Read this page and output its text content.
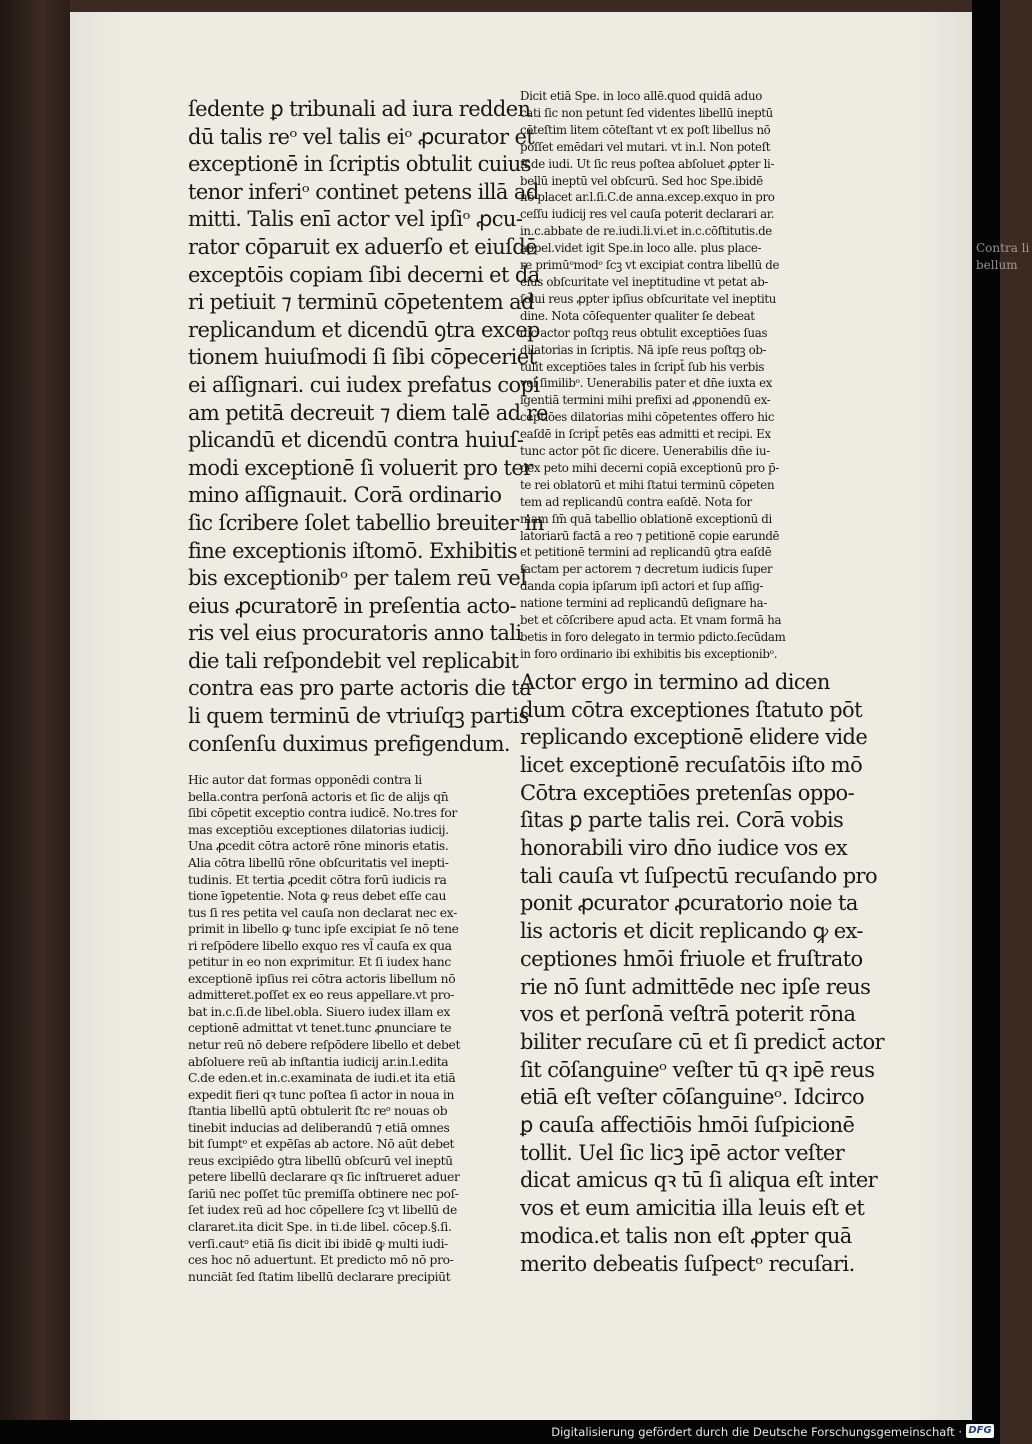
Contra li
bellum
ſedente ꝑ tribunali ad iura redden
dū talis reᵒ vel talis eiᵒ ꝓcurator et
exceptionē in ſcriptis obtulit cuius
tenor inferiᵒ continet petens illā ad
mitti. Talis enī actor vel ipſiᵒ ꝓcu-
rator cōparuit ex aduerſo et eiuſdē
exceptōis copiam ſibi decerni et da
ri petiuit ⁊ terminū cōpetentem ad
replicandum et dicendū ꝯtra excep
tionem huiuſmodi ſi ſibi cōpeceriet
ei aſſignari. cui iudex prefatus copi
am petitā decreuit ⁊ diem talē ad re
plicandū et dicendū contra huiuſ-
modi exceptionē ſi voluerit pro ter
mino aſſignauit. Corā ordinario
ſic ſcribere ſolet tabellio breuiter in
fine exceptionis iſtomō. Exhibitis
bis exceptionibᵒ per talem reū vel
eius ꝓcuratorē in preſentia acto-
ris vel eius procuratoris anno tali
die tali reſpondebit vel replicabit
contra eas pro parte actoris die ta
li quem terminū de vtriuſqꝫ partis
conſenſu duximus prefigendum.
Hic autor dat formas opponēdi contra li
bella.contra perſonā actoris et ſic de alijs qn̄
ſibi cōpetit exceptio contra iudicē. No.tres for
mas exceptiōu exceptiones dilatorias iudicij.
Una ꝓcedit cōtra actorē rōne minoris etatis.
Alia cōtra libellū rōne obſcuritatis vel inepti-
tudinis. Et tertia ꝓcedit cōtra forū iudicis ra
tione īꝯpetentie. Nota ꝙ reus debet eſſe cau
tus ſi res petita vel cauſa non declarat nec ex-
primit in libello ꝙ tunc ipſe excipiat ſe nō tene
ri reſpōdere libello exquo res vl̄ cauſa ex qua
petitur in eo non exprimitur. Et ſi iudex hanc
exceptionē ipſius rei cōtra actoris libellum nō
admitteret.poſſet ex eo reus appellare.vt pro-
bat in.c.ſi.de libel.obla. Siuero iudex illam ex
ceptionē admittat vt tenet.tunc ꝓnunciare te
netur reū nō debere reſpōdere libello et debet
abſoluere reū ab inſtantia iudicij ar.in.l.edita
C.de eden.et in.c.examinata de iudi.et ita etiā
expedit fieri qꝛ tunc poſtea ſi actor in noua in
ſtantia libellū aptū obtulerit ſtc reᵒ nouas ob
tinebit inducias ad deliberandū ⁊ etiā omnes
bit ſumptᵒ et expēſas ab actore. Nō aūt debet
reus excipiēdo ꝯtra libellū obſcurū vel ineptū
petere libellū declarare qꝛ ſic inſtrueret aduer
ſariū nec poſſet tūc premiſſa obtinere nec poſ-
ſet iudex reū ad hoc cōpellere ſcꝫ vt libellū de
clararet.ita dicit Spe. in ti.de libel. cōcep.§.ſi.
verſi.cautᵒ etiā ſis dicit ibi ibidē ꝙ multi iudi-
ces hoc nō aduertunt. Et predicto mō nō pro-
nunciāt ſed ſtatim libellū declarare precipiūt
Dicit etiā Spe. in loco allē.quod quidā aduo
cati ſic non petunt ſed videntes libellū ineptū
cōteſtim litem cōteſtant vt ex poſt libellus nō
poſſet emēdari vel mutari. vt in.l. Non poteſt
ff.de iudi. Ut ſic reus poſtea abſoluet ꝓpter li-
bellū ineptū vel obſcurū. Sed hoc Spe.ibidē
nō placet ar.l.ſi.C.de anna.excep.exquo in pro
ceſſu iudicij res vel cauſa poterit declarari ar.
in.c.abbate de re.iudi.li.vi.et in.c.cōſtitutis.de
appel.videt igit Spe.in loco alle. plus place-
re primūᵒmodᵒ ſcꝫ vt excipiat contra libellū de
eius obſcuritate vel ineptitudine vt petat ab-
ſolui reus ꝓpter ipſius obſcuritate vel ineptitu
dine. Nota cōſequenter qualiter ſe debeat
dic actor poſtqꝫ reus obtulit exceptiōes ſuas
dilatorias in ſcriptis. Nā ipſe reus poſtqꝫ ob-
tulit exceptiōes tales in ſcript̄ ſub his verbis
vel ſimilibᵒ. Uenerabilis pater et dn̄e iuxta ex
igentiā termini mihi prefixi ad ꝓponendū ex-
ceptiōes dilatorias mihi cōpetentes offero hic
eaſdē in ſcript̄ petēs eas admitti et recipi. Ex
tunc actor pōt ſic dicere. Uenerabilis dn̄e iu-
dex peto mihi decerni copiā exceptionū pro p̄-
te rei oblatorū et mihi ſtatui terminū cōpeten
tem ad replicandū contra eaſdē. Nota for
mam ſm̄ quā tabellio oblationē exceptionū di
latoriarū factā a reo ⁊ petitionē copie earundē
et petitionē termini ad replicandū ꝯtra eaſdē
factam per actorem ⁊ decretum iudicis ſuper
danda copia ipſarum ipſi actori et ſup aſſig-
natione termini ad replicandū deſignare ha-
bet et cōſcribere apud acta. Et vnam formā ha
betis in foro delegato in termio pdicto.ſecūdam
in foro ordinario ibi exhibitis bis exceptionibᵒ.
Actor ergo in termino ad dicen
dum cōtra exceptiones ſtatuto pōt
replicando exceptionē elidere vide
licet exceptionē recuſatōis iſto mō
Cōtra exceptiōes pretenſas oppo-
ſitas ꝑ parte talis rei. Corā vobis
honorabili viro dn̄o iudice vos ex
tali cauſa vt ſuſpectū recuſando pro
ponit ꝓcurator ꝓcuratorio noie ta
lis actoris et dicit replicando ꝙ ex-
ceptiones hmōi friuole et fruſtrato
rie nō ſunt admittēde nec ipſe reus
vos et perſonā veſtrā poterit rōna
biliter recuſare cū et ſi predict̄ actor
ſit cōſanguineᵒ veſter tū qꝛ ipē reus
etiā eſt veſter cōſanguineᵒ. Idcirco
ꝑ cauſa affectiōis hmōi ſuſpicionē
tollit. Uel ſic licꝫ ipē actor veſter
dicat amicus qꝛ tū ſi aliqua eſt inter
vos et eum amicitia illa leuis eſt et
modica.et talis non eſt ꝓpter quā
merito debeatis ſuſpectᵒ recuſari.
Digitalisierung gefördert durch die Deutsche Forschungsgemeinschaft · DFG
